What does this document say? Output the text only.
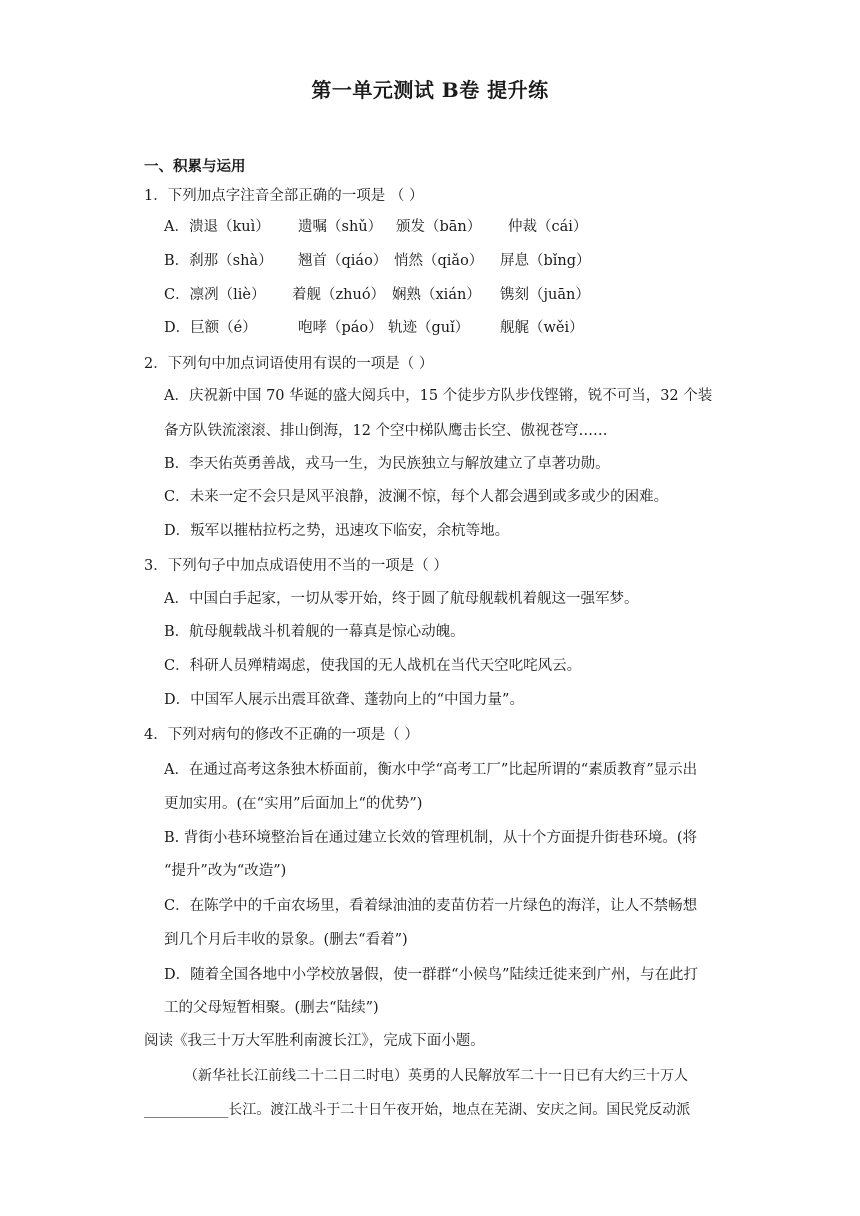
第一单元测试 B卷 提升练
一、积累与运用
1．下列加点字注音全部正确的一项是 （ ）
A．溃退（kuì） 遗嘱（shǔ） 颁发（bān） 仲裁（cái）
B．刹那（shà） 翘首（qiáo） 悄然（qiǎo） 屏息（bǐng）
C．凛冽（liè） 着舰（zhuó） 娴熟（xián） 镌刻（juān）
D．巨额（é）	咆哮（páo） 轨迹（guǐ） 舰艉（wěi）
2．下列句中加点词语使用有误的一项是（ ）
A．庆祝新中国 70 华诞的盛大阅兵中，15 个徒步方队步伐铿锵，锐不可当，32 个装
备方队铁流滚滚、排山倒海，12 个空中梯队鹰击长空、傲视苍穹……
B．李天佑英勇善战，戎马一生，为民族独立与解放建立了卓著功勋。
C．未来一定不会只是风平浪静，波澜不惊，每个人都会遇到或多或少的困难。
D．叛军以摧枯拉朽之势，迅速攻下临安，余杭等地。
3．下列句子中加点成语使用不当的一项是（ ）
A．中国白手起家，一切从零开始，终于圆了航母舰载机着舰这一强军梦。
B．航母舰载战斗机着舰的一幕真是惊心动魄。
C．科研人员殚精竭虑，使我国的无人战机在当代天空叱咤风云。
D．中国军人展示出震耳欲聋、蓬勃向上的“中国力量”。
4．下列对病句的修改不正确的一项是（ ）
A．在通过高考这条独木桥面前，衡水中学“高考工厂”比起所谓的“素质教育”显示出
更加实用。(在“实用”后面加上“的优势”)
B. 背街小巷环境整治旨在通过建立长效的管理机制，从十个方面提升街巷环境。(将
“提升”改为“改造”)
C．在陈学中的千亩农场里，看着绿油油的麦苗仿若一片绿色的海洋，让人不禁畅想
到几个月后丰收的景象。(删去“看着”)
D．随着全国各地中小学校放暑假，使一群群“小候鸟”陆续迁徙来到广州，与在此打
工的父母短暂相聚。(删去“陆续”)
阅读《我三十万大军胜利南渡长江》，完成下面小题。
（新华社长江前线二十二日二时电）英勇的人民解放军二十一日已有大约三十万人
__________长江。渡江战斗于二十日午夜开始，地点在芜湖、安庆之间。国民党反动派
